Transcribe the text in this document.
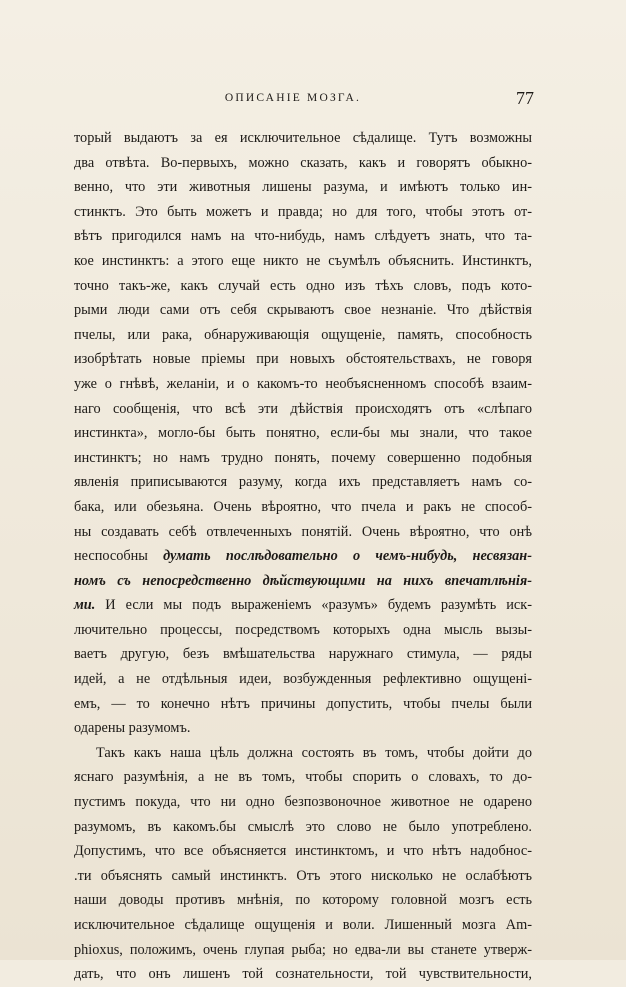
ОПИСАНІЕ МОЗГА.	77
торый выдаютъ за ея исключительное сѣдалище. Тутъ возможны
два отвѣта. Во-первыхъ, можно сказать, какъ и говорятъ обыкно-
венно, что эти животныя лишены разума, и имѣютъ только ин-
стинктъ. Это быть можетъ и правда; но для того, чтобы этотъ от-
вѣтъ пригодился намъ на что-нибудь, намъ слѣдуетъ знать, что та-
кое инстинктъ: а этого еще никто не съумѣлъ объяснить. Инстинктъ,
точно такъ-же, какъ случай есть одно изъ тѣхъ словъ, подъ кото-
рыми люди сами отъ себя скрываютъ свое незнаніе. Что дѣйствія
пчелы, или рака, обнаруживающія ощущеніе, память, способность
изобрѣтать новые пріемы при новыхъ обстоятельствахъ, не говоря
уже о гнѣвѣ, желаніи, и о какомъ-то необъясненномъ способѣ взаим-
наго сообщенія, что всѣ эти дѣйствія происходятъ отъ «слѣпаго
инстинкта», могло-бы быть понятно, если-бы мы знали, что такое
инстинктъ; но намъ трудно понять, почему совершенно подобныя
явленія приписываются разуму, когда ихъ представляетъ намъ со-
бака, или обезьяна. Очень вѣроятно, что пчела и ракъ не способ-
ны создавать себѣ отвлеченныхъ понятій. Очень вѣроятно, что онѣ
неспособны думать послѣдовательно о чемъ-нибудь, несвязан-
номъ съ непосредственно дѣйствующими на нихъ впечатлѣнія-
ми. И если мы подъ выраженіемъ «разумъ» будемъ разумѣть иск-
лючительно процессы, посредствомъ которыхъ одна мысль вызы-
ваетъ другую, безъ вмѣшательства наружнаго стимула, — ряды
идей, а не отдѣльныя идеи, возбужденныя рефлективно ощущені-
емъ, — то конечно нѣтъ причины допустить, чтобы пчелы были
одарены разумомъ.
Такъ какъ наша цѣль должна состоять въ томъ, чтобы дойти до
яснаго разумѣнія, а не въ томъ, чтобы спорить о словахъ, то до-
пустимъ покуда, что ни одно безпозвоночное животное не одарено
разумомъ, въ какомъ.бы смыслѣ это слово не было употреблено.
Допустимъ, что все объясняется инстинктомъ, и что нѣтъ надобнос-
.ти объяснять самый инстинктъ. Отъ этого нисколько не ослабѣютъ
наши доводы противъ мнѣнія, по которому головной мозгъ есть
исключительное сѣдалище ощущенія и воли. Лишенный мозга Am-
phioxus, положимъ, очень глупая рыба; но едва-ли вы станете утверж-
дать, что онъ лишенъ той сознательности, той чувствительности,
